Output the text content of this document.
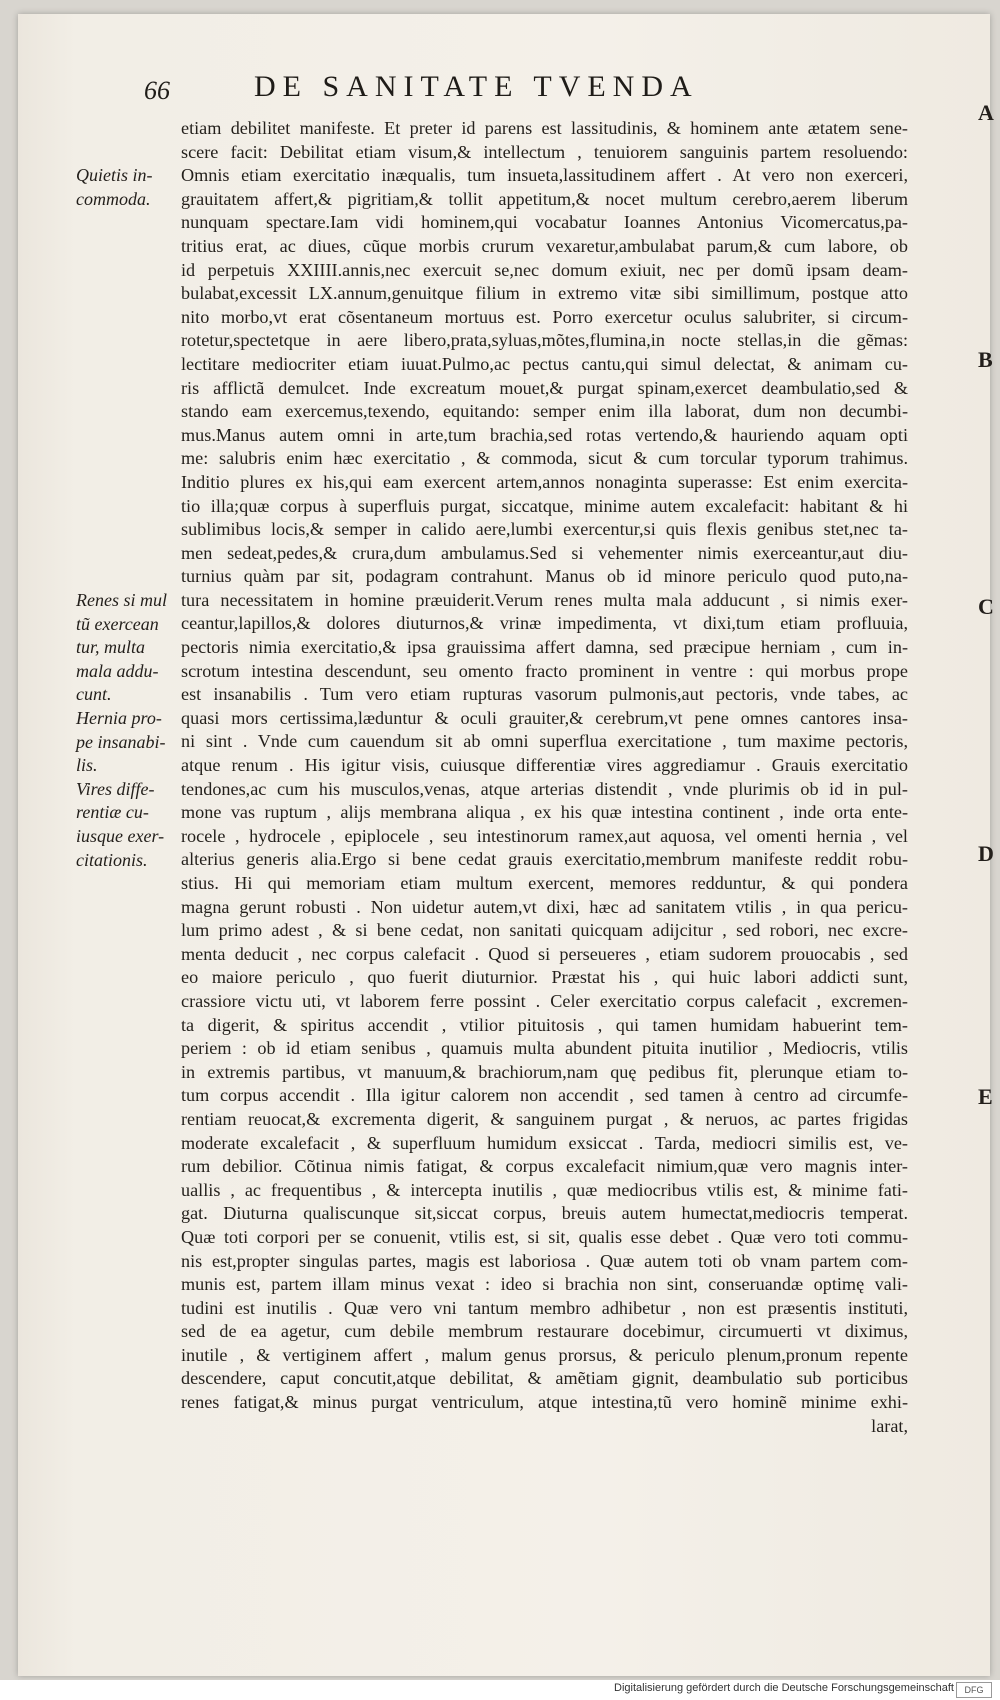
66	DE SANITATE TVENDA
Quietis in-
commoda.
Renes si mul
tũ exercean
tur, multa
mala addu-
cunt.
Hernia pro-
pe insanabi-
lis.
Vires diffe-
rentiæ cu-
iusque exer-
citationis.
etiam debilitet manifeste. Et preter id parens est lassitudinis, & hominem ante ætatem sene-
scere facit: Debilitat etiam visum,& intellectum , tenuiorem sanguinis partem resoluendo:
Omnis etiam exercitatio inæqualis, tum insueta,lassitudinem affert . At vero non exerceri,
grauitatem affert,& pigritiam,& tollit appetitum,& nocet multum cerebro,aerem liberum
nunquam spectare.Iam vidi hominem,qui vocabatur Ioannes Antonius Vicomercatus,pa-
tritius erat, ac diues, cũque morbis crurum vexaretur,ambulabat parum,& cum labore, ob
id perpetuis XXIIII.annis,nec exercuit se,nec domum exiuit, nec per domũ ipsam deam-
bulabat,excessit LX.annum,genuitque filium in extremo vitæ sibi simillimum, postque atto
nito morbo,vt erat cõsentaneum mortuus est. Porro exercetur oculus salubriter, si circum-
rotetur,spectetque in aere libero,prata,syluas,mõtes,flumina,in nocte stellas,in die gẽmas:
lectitare mediocriter etiam iuuat.Pulmo,ac pectus cantu,qui simul delectat, & animam cu-
ris afflictã demulcet. Inde excreatum mouet,& purgat spinam,exercet deambulatio,sed &
stando eam exercemus,texendo, equitando: semper enim illa laborat, dum non decumbi-
mus.Manus autem omni in arte,tum brachia,sed rotas vertendo,& hauriendo aquam opti
me: salubris enim hæc exercitatio , & commoda, sicut & cum torcular typorum trahimus.
Inditio plures ex his,qui eam exercent artem,annos nonaginta superasse: Est enim exercita-
tio illa;quæ corpus à superfluis purgat, siccatque, minime autem excalefacit: habitant & hi
sublimibus locis,& semper in calido aere,lumbi exercentur,si quis flexis genibus stet,nec ta-
men sedeat,pedes,& crura,dum ambulamus.Sed si vehementer nimis exerceantur,aut diu-
turnius quàm par sit, podagram contrahunt. Manus ob id minore periculo quod puto,na-
tura necessitatem in homine præuiderit.Verum renes multa mala adducunt , si nimis exer-
ceantur,lapillos,& dolores diuturnos,& vrinæ impedimenta, vt dixi,tum etiam profluuia,
pectoris nimia exercitatio,& ipsa grauissima affert damna, sed præcipue herniam , cum in-
scrotum intestina descendunt, seu omento fracto prominent in ventre : qui morbus prope
est insanabilis . Tum vero etiam rupturas vasorum pulmonis,aut pectoris, vnde tabes, ac
quasi mors certissima,læduntur & oculi grauiter,& cerebrum,vt pene omnes cantores insa-
ni sint . Vnde cum cauendum sit ab omni superflua exercitatione , tum maxime pectoris,
atque renum . His igitur visis, cuiusque differentiæ vires aggrediamur . Grauis exercitatio
tendones,ac cum his musculos,venas, atque arterias distendit , vnde plurimis ob id in pul-
mone vas ruptum , alijs membrana aliqua , ex his quæ intestina continent , inde orta ente-
rocele , hydrocele , epiplocele , seu intestinorum ramex,aut aquosa, vel omenti hernia , vel
alterius generis alia.Ergo si bene cedat grauis exercitatio,membrum manifeste reddit robu-
stius. Hi qui memoriam etiam multum exercent, memores redduntur, & qui pondera
magna gerunt robusti . Non uidetur autem,vt dixi, hæc ad sanitatem vtilis , in qua pericu-
lum primo adest , & si bene cedat, non sanitati quicquam adijcitur , sed robori, nec excre-
menta deducit , nec corpus calefacit . Quod si perseueres , etiam sudorem prouocabis , sed
eo maiore periculo , quo fuerit diuturnior. Præstat his , qui huic labori addicti sunt,
crassiore victu uti, vt laborem ferre possint . Celer exercitatio corpus calefacit , excremen-
ta digerit, & spiritus accendit , vtilior pituitosis , qui tamen humidam habuerint tem-
periem : ob id etiam senibus , quamuis multa abundent pituita inutilior , Mediocris, vtilis
in extremis partibus, vt manuum,& brachiorum,nam quę pedibus fit, plerunque etiam to-
tum corpus accendit . Illa igitur calorem non accendit , sed tamen à centro ad circumfe-
rentiam reuocat,& excrementa digerit, & sanguinem purgat , & neruos, ac partes frigidas
moderate excalefacit , & superfluum humidum exsiccat . Tarda, mediocri similis est, ve-
rum debilior. Cõtinua nimis fatigat, & corpus excalefacit nimium,quæ vero magnis inter-
uallis , ac frequentibus , & intercepta inutilis , quæ mediocribus vtilis est, & minime fati-
gat. Diuturna qualiscunque sit,siccat corpus, breuis autem humectat,mediocris temperat.
Quæ toti corpori per se conuenit, vtilis est, si sit, qualis esse debet . Quæ vero toti commu-
nis est,propter singulas partes, magis est laboriosa . Quæ autem toti ob vnam partem com-
munis est, partem illam minus vexat : ideo si brachia non sint, conseruandæ optimę vali-
tudini est inutilis . Quæ vero vni tantum membro adhibetur , non est præsentis instituti,
sed de ea agetur, cum debile membrum restaurare docebimur, circumuerti vt diximus,
inutile , & vertiginem affert , malum genus prorsus, & periculo plenum,pronum repente
descendere, caput concutit,atque debilitat, & amẽtiam gignit, deambulatio sub porticibus
renes fatigat,& minus purgat ventriculum, atque intestina,tũ vero hominẽ minime exhi-
larat,
A
B
C
D
E
Digitalisierung gefördert durch die Deutsche Forschungsgemeinschaft	DFG
